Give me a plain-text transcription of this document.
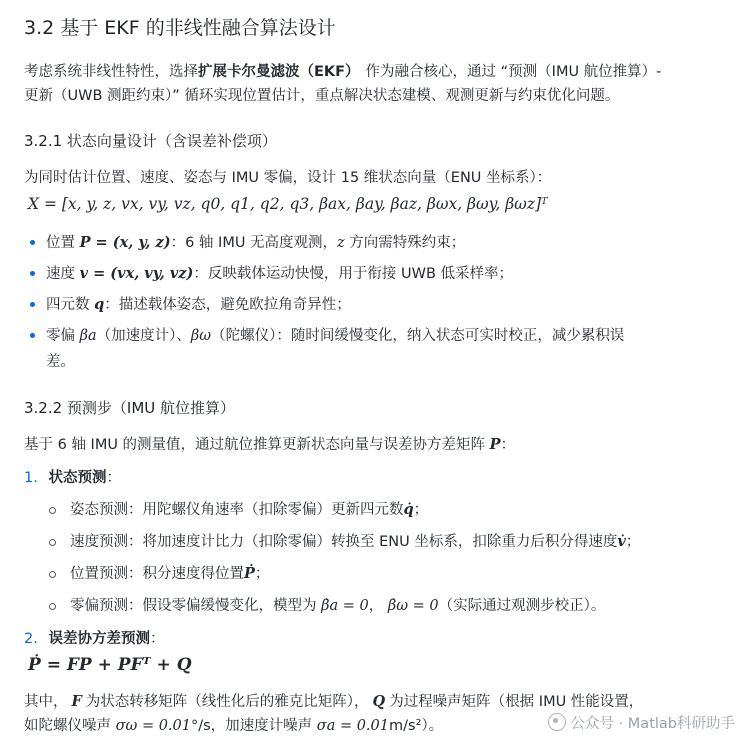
3.2 基于 EKF 的非线性融合算法设计
考虑系统非线性特性，选择扩展卡尔曼滤波（EKF） 作为融合核心，通过 “预测（IMU 航位推算）-
更新（UWB 测距约束）” 循环实现位置估计，重点解决状态建模、观测更新与约束优化问题。
3.2.1 状态向量设计（含误差补偿项）
为同时估计位置、速度、姿态与 IMU 零偏，设计 15 维状态向量（ENU 坐标系）：
X = [x, y, z, vx, vy, vz, q0, q1, q2, q3, βax, βay, βaz, βωx, βωy, βωz]ᵀ
位置 P = (x, y, z)：6 轴 IMU 无高度观测，z 方向需特殊约束；
速度 v = (vx, vy, vz)：反映载体运动快慢，用于衔接 UWB 低采样率；
四元数 q：描述载体姿态，避免欧拉角奇异性；
零偏 βa（加速度计）、βω（陀螺仪）：随时间缓慢变化，纳入状态可实时校正，减少累积误
差。
3.2.2 预测步（IMU 航位推算）
基于 6 轴 IMU 的测量值，通过航位推算更新状态向量与误差协方差矩阵 P：
1. 状态预测：
姿态预测：用陀螺仪角速率（扣除零偏）更新四元数q̇；
速度预测：将加速度计比力（扣除零偏）转换至 ENU 坐标系，扣除重力后积分得速度v̇；
位置预测：积分速度得位置Ṗ；
零偏预测：假设零偏缓慢变化，模型为 β̇a = 0， β̇ω = 0（实际通过观测步校正）。
2. 误差协方差预测：
Ṗ = FP + PFᵀ + Q
其中， F 为状态转移矩阵（线性化后的雅克比矩阵）， Q 为过程噪声矩阵（根据 IMU 性能设置，
如陀螺仪噪声 σω = 0.01°/s，加速度计噪声 σa = 0.01m/s²）。	公众号 · Matlab科研助手
